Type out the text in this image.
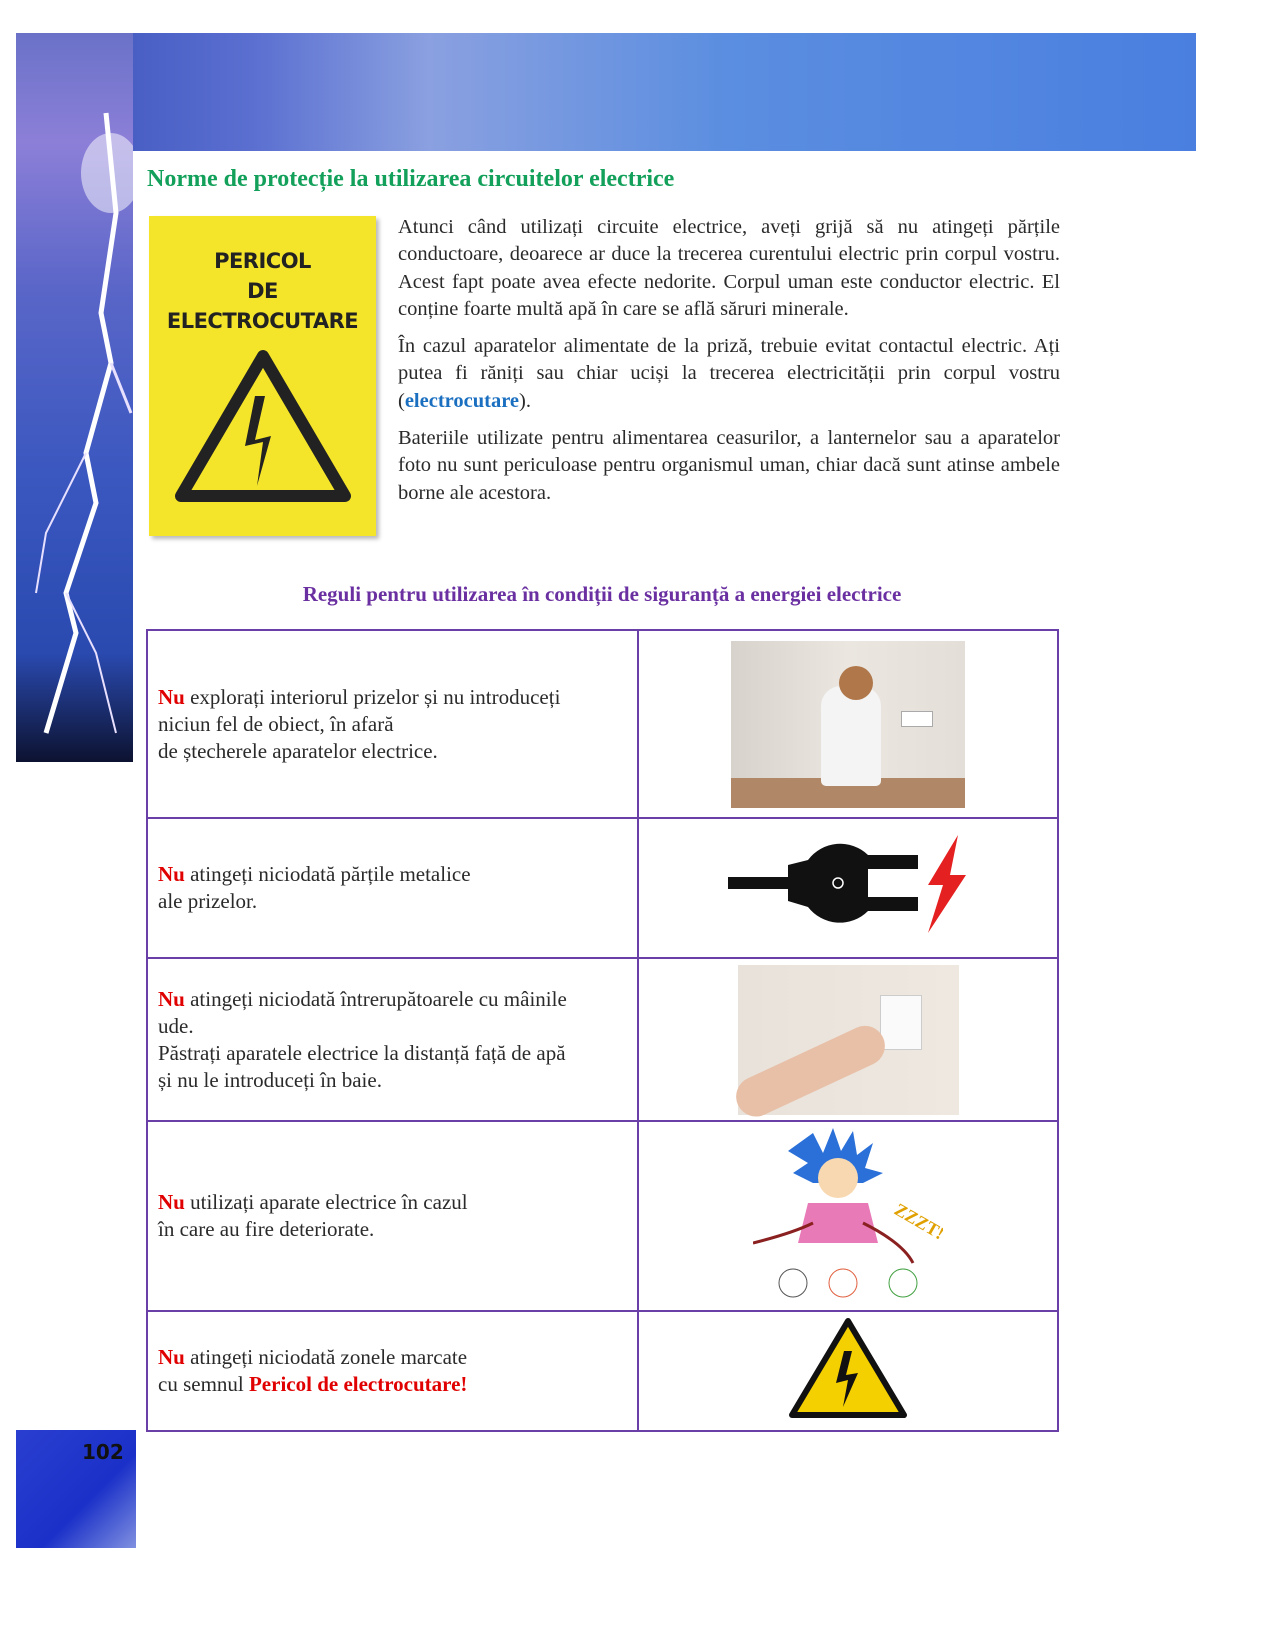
Norme de protecție la utilizarea circuitelor electrice
PERICOL
DE
ELECTROCUTARE

Atunci când utilizați circuite electrice, aveți grijă să nu atingeți părțile conductoare, deoarece ar duce la trecerea curentului electric prin corpul vostru. Acest fapt poate avea efecte nedorite. Corpul uman este conductor electric. El conține foarte multă apă în care se află săruri minerale.

În cazul aparatelor alimentate de la priză, trebuie evitat contactul electric. Ați putea fi răniți sau chiar uciși la trecerea electricității prin corpul vostru (electrocutare).

Bateriile utilizate pentru alimentarea ceasurilor, a lanternelor sau a aparatelor foto nu sunt periculoase pentru organismul uman, chiar dacă sunt atinse ambele borne ale acestora.

Reguli pentru utilizarea în condiții de siguranță a energiei electrice
Nu explorați interiorul prizelor și nu introduceți
niciun fel de obiect, în afară
de ștecherele aparatelor electrice.	

Nu atingeți niciodată părțile metalice
ale prizelor.	
Nu atingeți niciodată întrerupătoarele cu mâinile
ude.
Păstrați aparatele electrice la distanță față de apă
și nu le introduceți în baie.	

Nu utilizați aparate electrice în cazul
în care au fire deteriorate.	ZZZT!

Nu atingeți niciodată zonele marcate
cu semnul Pericol de electrocutare!	
102
